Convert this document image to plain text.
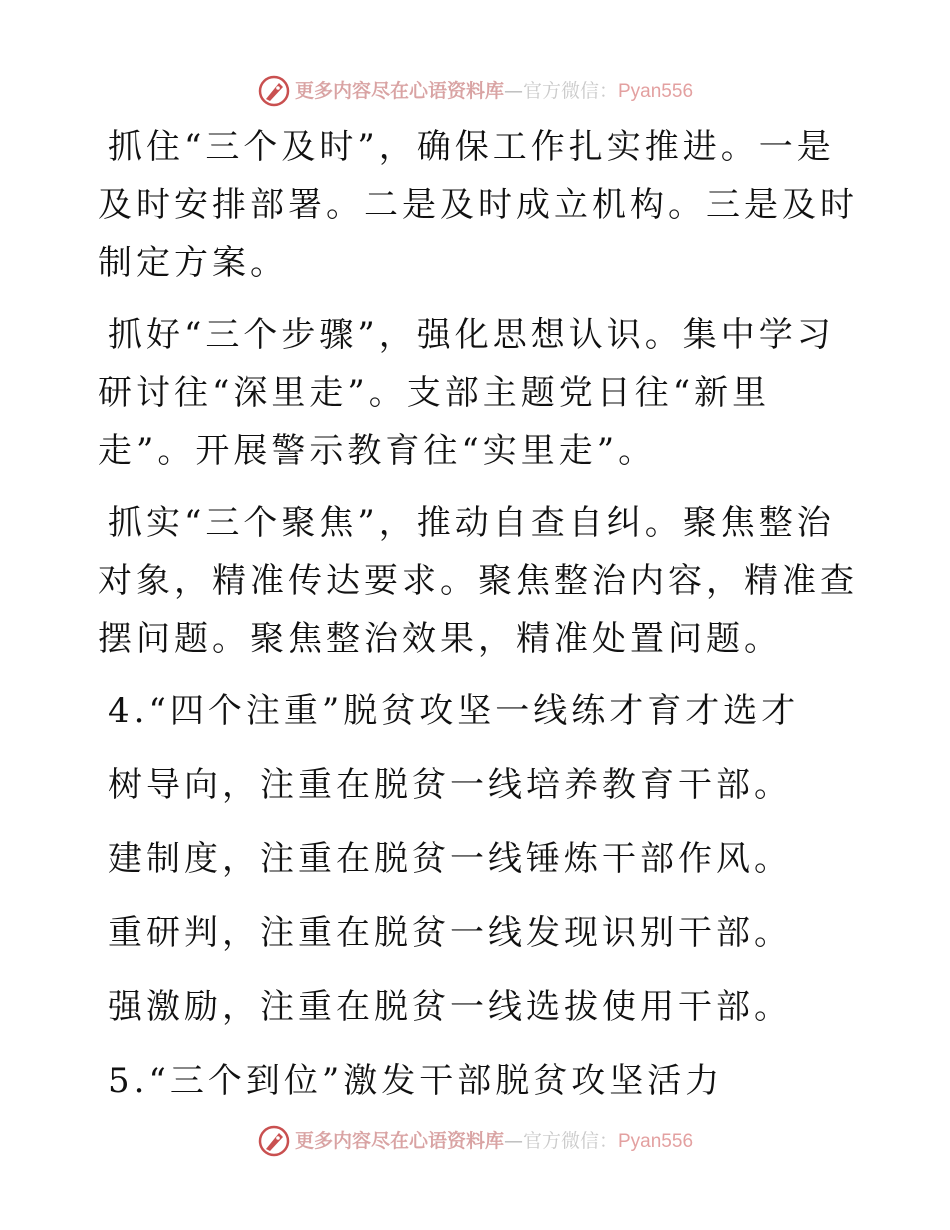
更多内容尽在心语资料库 — 官方微信： Pyan556

抓住“三个及时”，确保工作扎实推进。一是及时安排部署。二是及时成立机构。三是及时制定方案。

抓好“三个步骤”，强化思想认识。集中学习研讨往“深里走”。支部主题党日往“新里走”。开展警示教育往“实里走”。

抓实“三个聚焦”，推动自查自纠。聚焦整治对象，精准传达要求。聚焦整治内容，精准查摆问题。聚焦整治效果，精准处置问题。

4.“四个注重”脱贫攻坚一线练才育才选才
树导向，注重在脱贫一线培养教育干部。
建制度，注重在脱贫一线锤炼干部作风。
重研判，注重在脱贫一线发现识别干部。
强激励，注重在脱贫一线选拔使用干部。
5.“三个到位”激发干部脱贫攻坚活力
更多内容尽在心语资料库 — 官方微信： Pyan556
